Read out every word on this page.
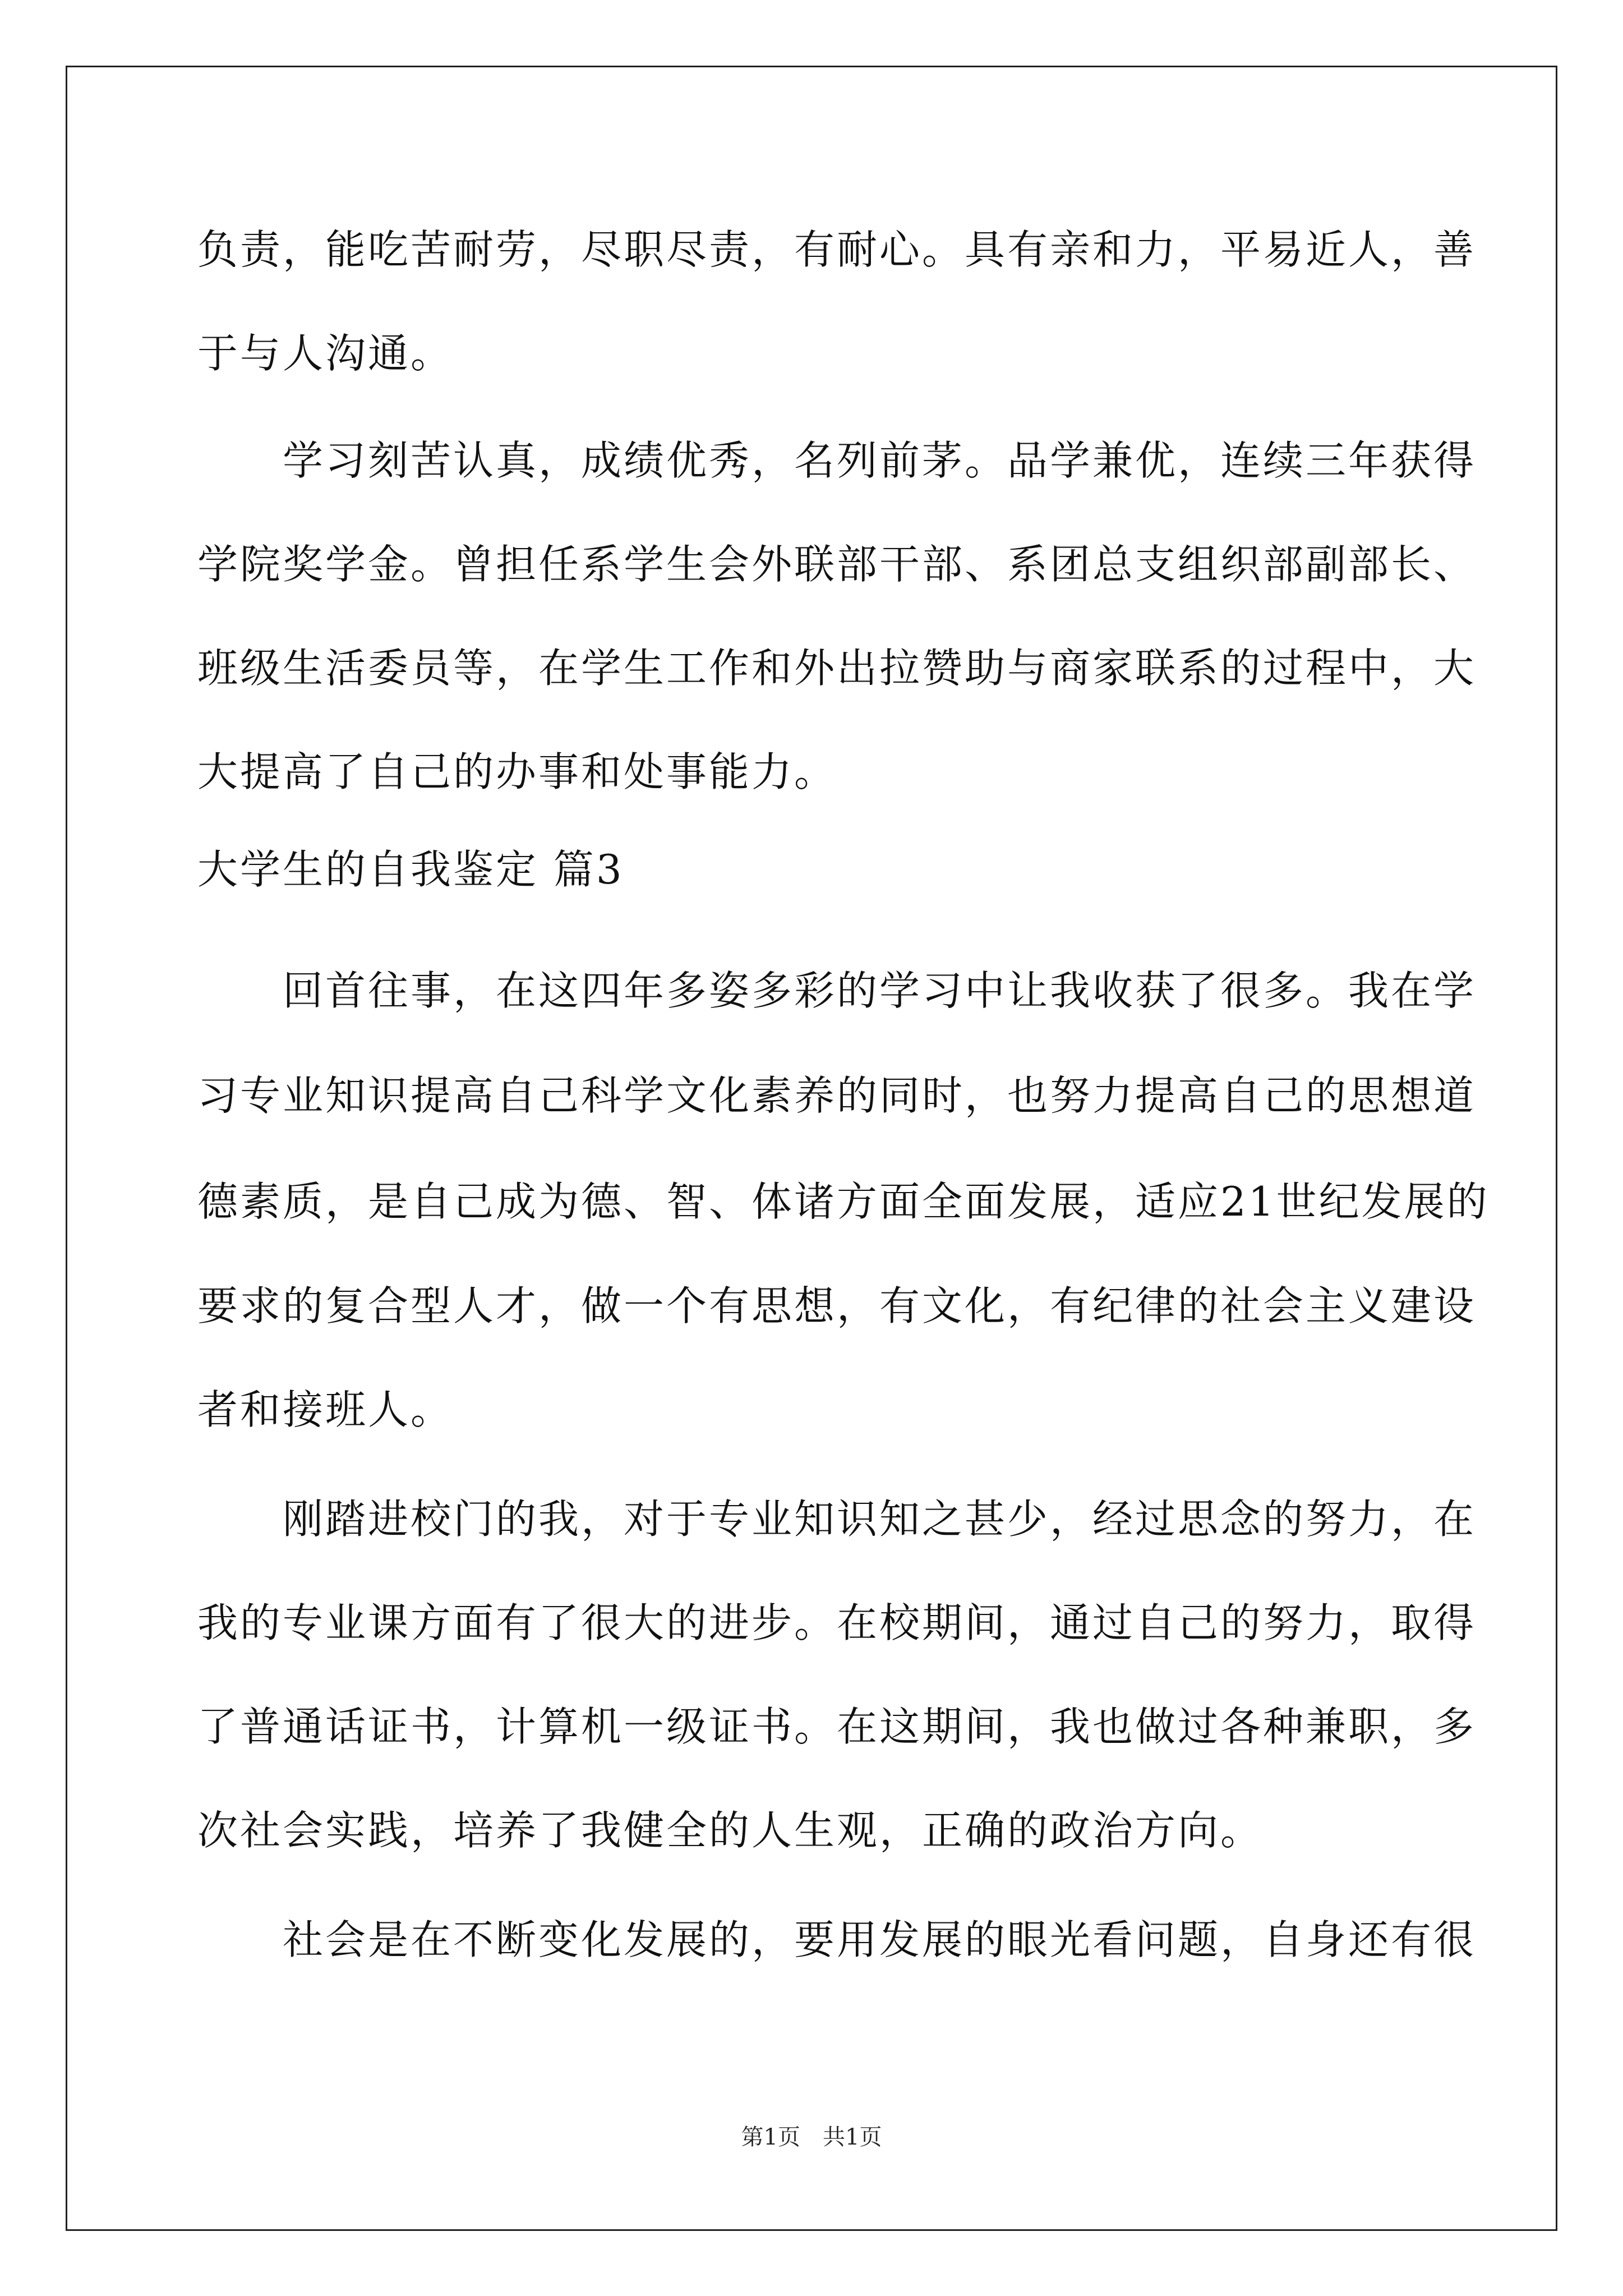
负责，能吃苦耐劳，尽职尽责，有耐心。具有亲和力，平易近人，善
于与人沟通。
学习刻苦认真，成绩优秀，名列前茅。品学兼优，连续三年获得
学院奖学金。曾担任系学生会外联部干部、系团总支组织部副部长、
班级生活委员等，在学生工作和外出拉赞助与商家联系的过程中，大
大提高了自己的办事和处事能力。
大学生的自我鉴定 篇3
回首往事，在这四年多姿多彩的学习中让我收获了很多。我在学
习专业知识提高自己科学文化素养的同时，也努力提高自己的思想道
德素质，是自己成为德、智、体诸方面全面发展，适应21世纪发展的
要求的复合型人才，做一个有思想，有文化，有纪律的社会主义建设
者和接班人。
刚踏进校门的我，对于专业知识知之甚少，经过思念的努力，在
我的专业课方面有了很大的进步。在校期间，通过自己的努力，取得
了普通话证书，计算机一级证书。在这期间，我也做过各种兼职，多
次社会实践，培养了我健全的人生观，正确的政治方向。
社会是在不断变化发展的，要用发展的眼光看问题，自身还有很
第1页　共1页
